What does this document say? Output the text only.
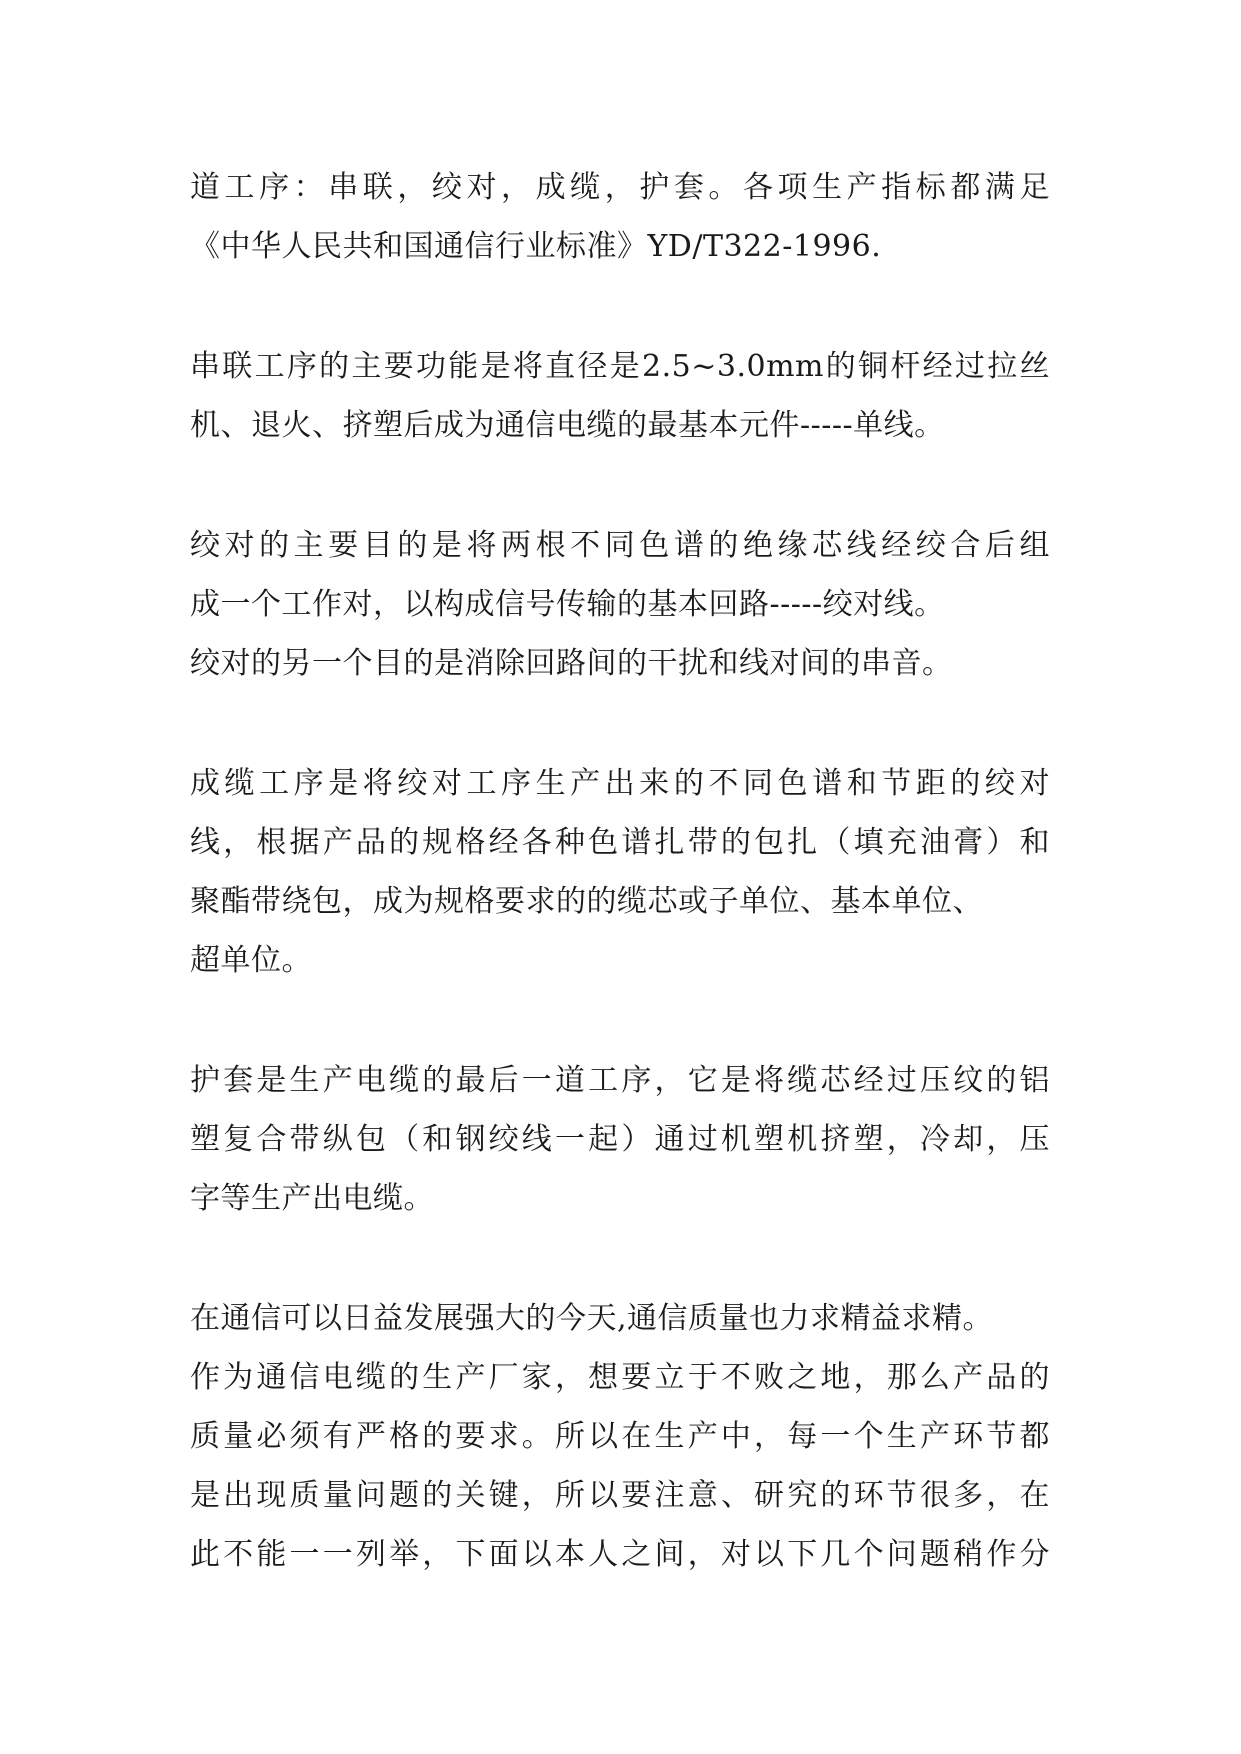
道工序：串联，绞对，成缆，护套。各项生产指标都满足
《中华人民共和国通信行业标准》YD/T322-1996.
串联工序的主要功能是将直径是2.5~3.0mm的铜杆经过拉丝
机、退火、挤塑后成为通信电缆的最基本元件-----单线。
绞对的主要目的是将两根不同色谱的绝缘芯线经绞合后组
成一个工作对，以构成信号传输的基本回路-----绞对线。
绞对的另一个目的是消除回路间的干扰和线对间的串音。
成缆工序是将绞对工序生产出来的不同色谱和节距的绞对
线，根据产品的规格经各种色谱扎带的包扎（填充油膏）和
聚酯带绕包，成为规格要求的的缆芯或子单位、基本单位、
超单位。
护套是生产电缆的最后一道工序，它是将缆芯经过压纹的铝
塑复合带纵包（和钢绞线一起）通过机塑机挤塑，冷却，压
字等生产出电缆。
在通信可以日益发展强大的今天,通信质量也力求精益求精。
作为通信电缆的生产厂家，想要立于不败之地，那么产品的
质量必须有严格的要求。所以在生产中，每一个生产环节都
是出现质量问题的关键，所以要注意、研究的环节很多，在
此不能一一列举，下面以本人之间，对以下几个问题稍作分
